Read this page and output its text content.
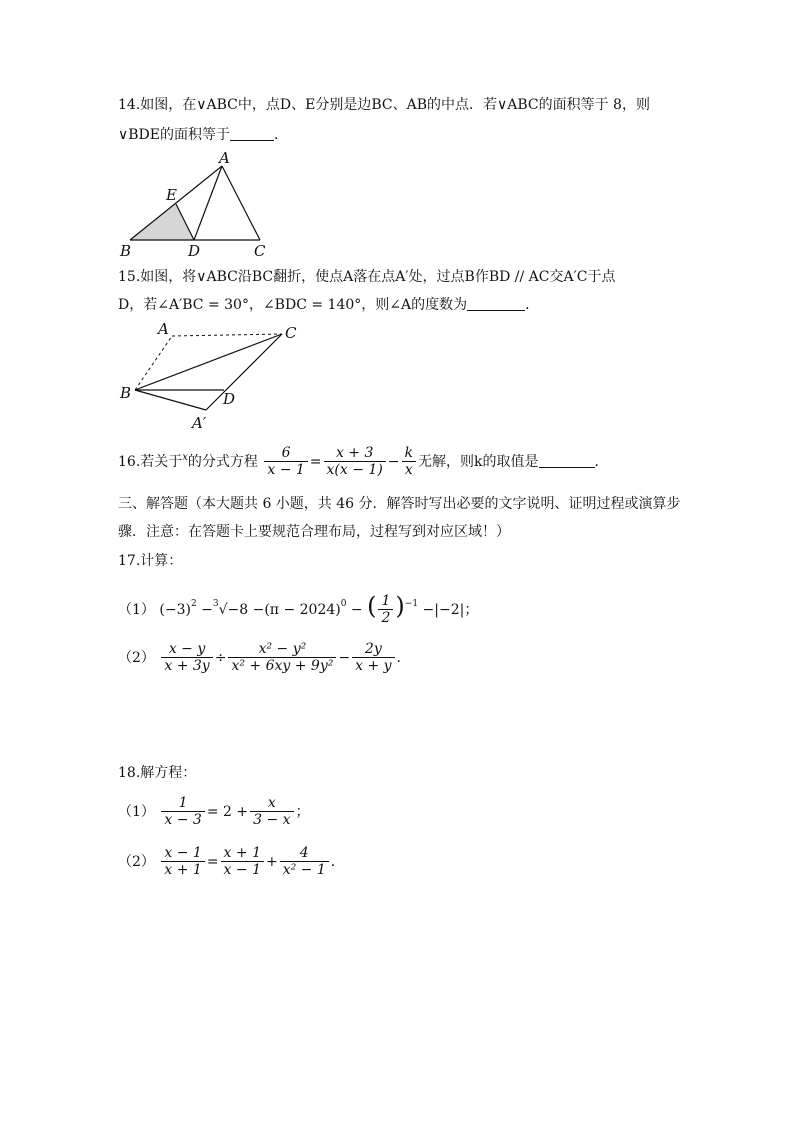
14.如图，在∨ABC中，点D、E分别是边BC、AB的中点．若∨ABC的面积等于 8，则
∨BDE的面积等于	．
A
E
B	D	C
15.如图，将∨ABC沿BC翻折，使点A落在点A′处，过点B作BD // AC交A′C于点
D，若∠A′BC = 30°，∠BDC = 140°，则∠A的度数为	．
A	C
B	D
A′
16.若关于$^x$的分式方程 $\frac{6}{x - 1} = \frac{x + 3}{x(x - 1)} - \frac{k}{x}$ 无解，则k的取值是	．
三、解答题（本大题共 6 小题，共 46 分．解答时写出必要的文字说明、证明过程或演算步
骤．注意：在答题卡上要规范合理布局，过程写到对应区域！）
17.计算：
（1） $(-3)^2 -^3√-8 -(\pi - 2024)^0$ − ( $\frac{1}{2} )^{-1} -|-2|$；
$(2) \frac{x - y}{x + 3y} \div \frac{\text{x² − y²}}{\text{x² + 6xy + 9y²}} - \frac{2y}{x + y}$ ．
18.解方程：
$(1) \frac{1}{x - 3} = 2 + \frac{x}{3 - x}$ ；
$(2) \frac{x - 1}{x + 1} = \frac{x + 1}{x - 1} + \frac{4}{\text{x² − 1}}$ ．
